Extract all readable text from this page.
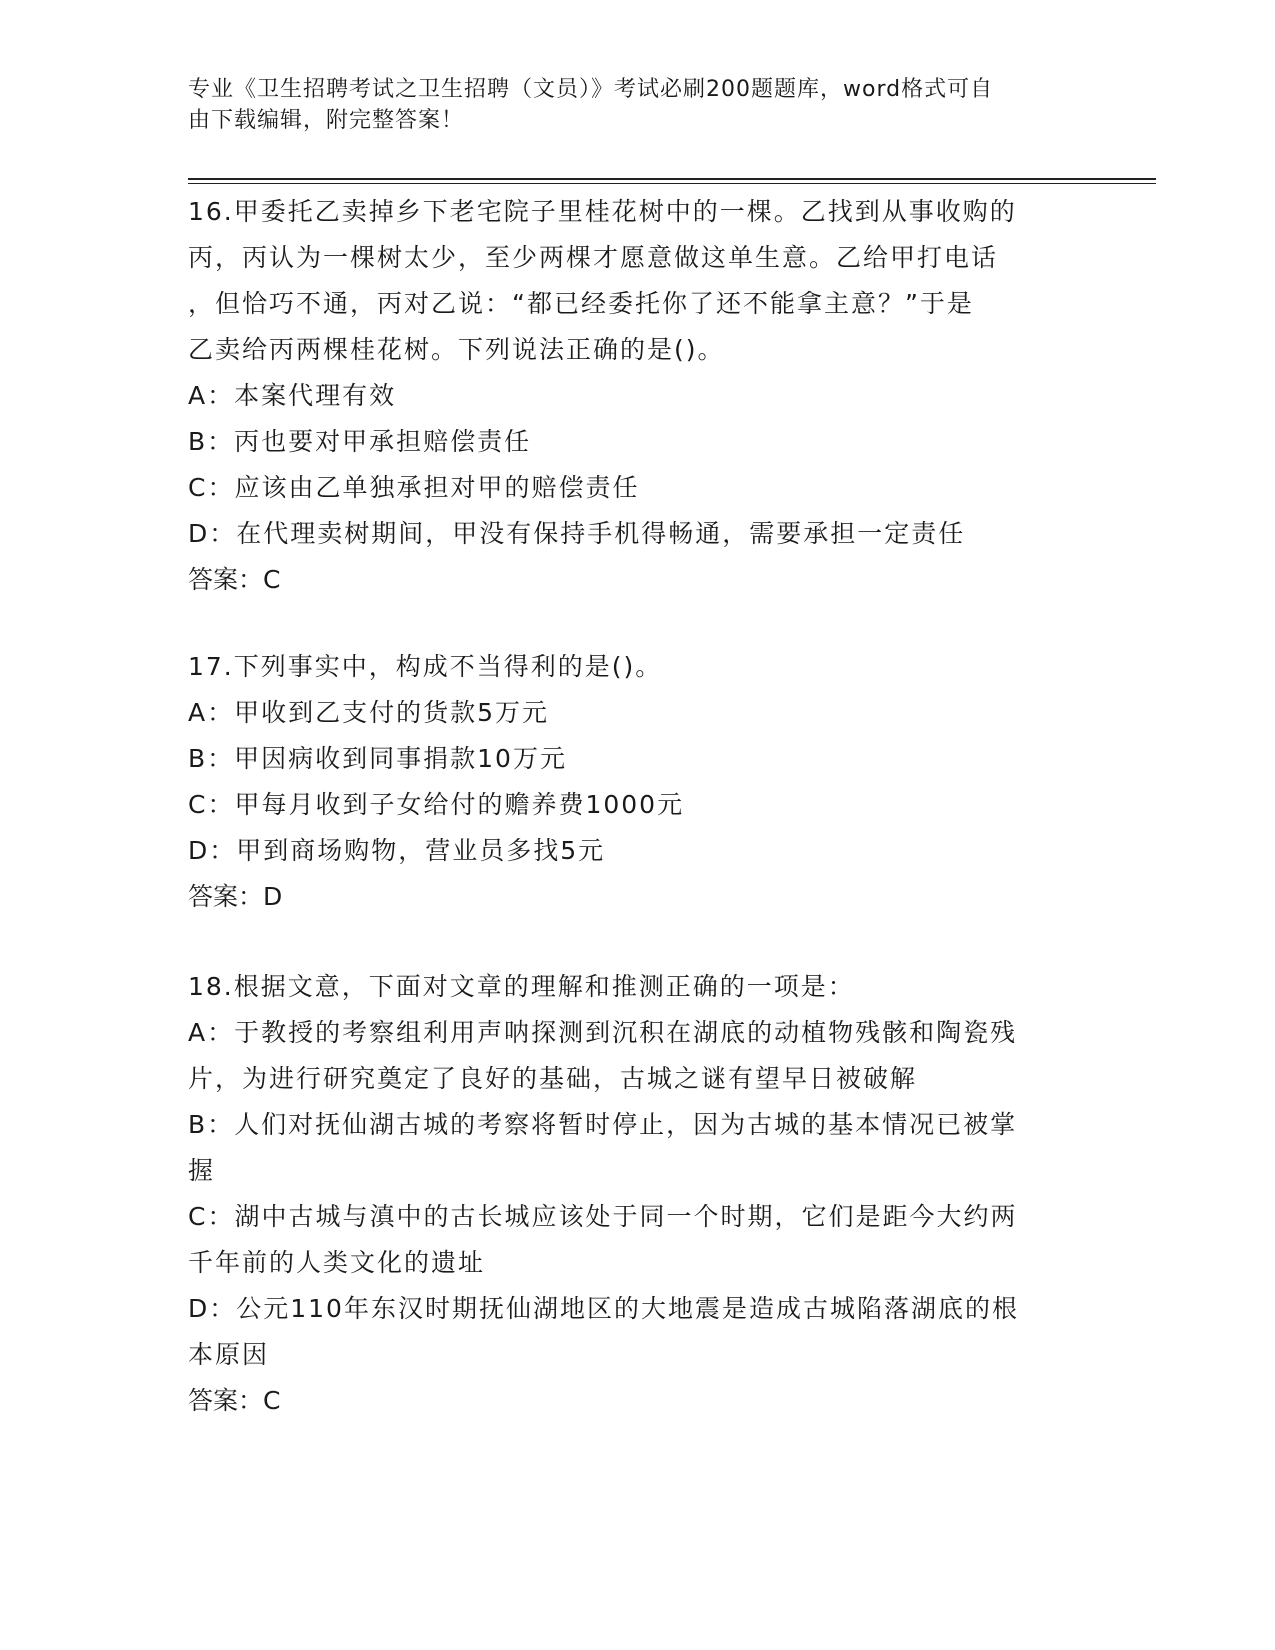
专业《卫生招聘考试之卫生招聘（文员）》考试必刷200题题库，word格式可自
由下载编辑，附完整答案！
16.甲委托乙卖掉乡下老宅院子里桂花树中的一棵。乙找到从事收购的
丙，丙认为一棵树太少，至少两棵才愿意做这单生意。乙给甲打电话
，但恰巧不通，丙对乙说：“都已经委托你了还不能拿主意？”于是
乙卖给丙两棵桂花树。下列说法正确的是()。
A：本案代理有效
B：丙也要对甲承担赔偿责任
C：应该由乙单独承担对甲的赔偿责任
D：在代理卖树期间，甲没有保持手机得畅通，需要承担一定责任
答案：C
17.下列事实中，构成不当得利的是()。
A：甲收到乙支付的货款5万元
B：甲因病收到同事捐款10万元
C：甲每月收到子女给付的赡养费1000元
D：甲到商场购物，营业员多找5元
答案：D
18.根据文意，下面对文章的理解和推测正确的一项是：
A：于教授的考察组利用声呐探测到沉积在湖底的动植物残骸和陶瓷残
片，为进行研究奠定了良好的基础，古城之谜有望早日被破解
B：人们对抚仙湖古城的考察将暂时停止，因为古城的基本情况已被掌
握
C：湖中古城与滇中的古长城应该处于同一个时期，它们是距今大约两
千年前的人类文化的遗址
D：公元110年东汉时期抚仙湖地区的大地震是造成古城陷落湖底的根
本原因
答案：C
